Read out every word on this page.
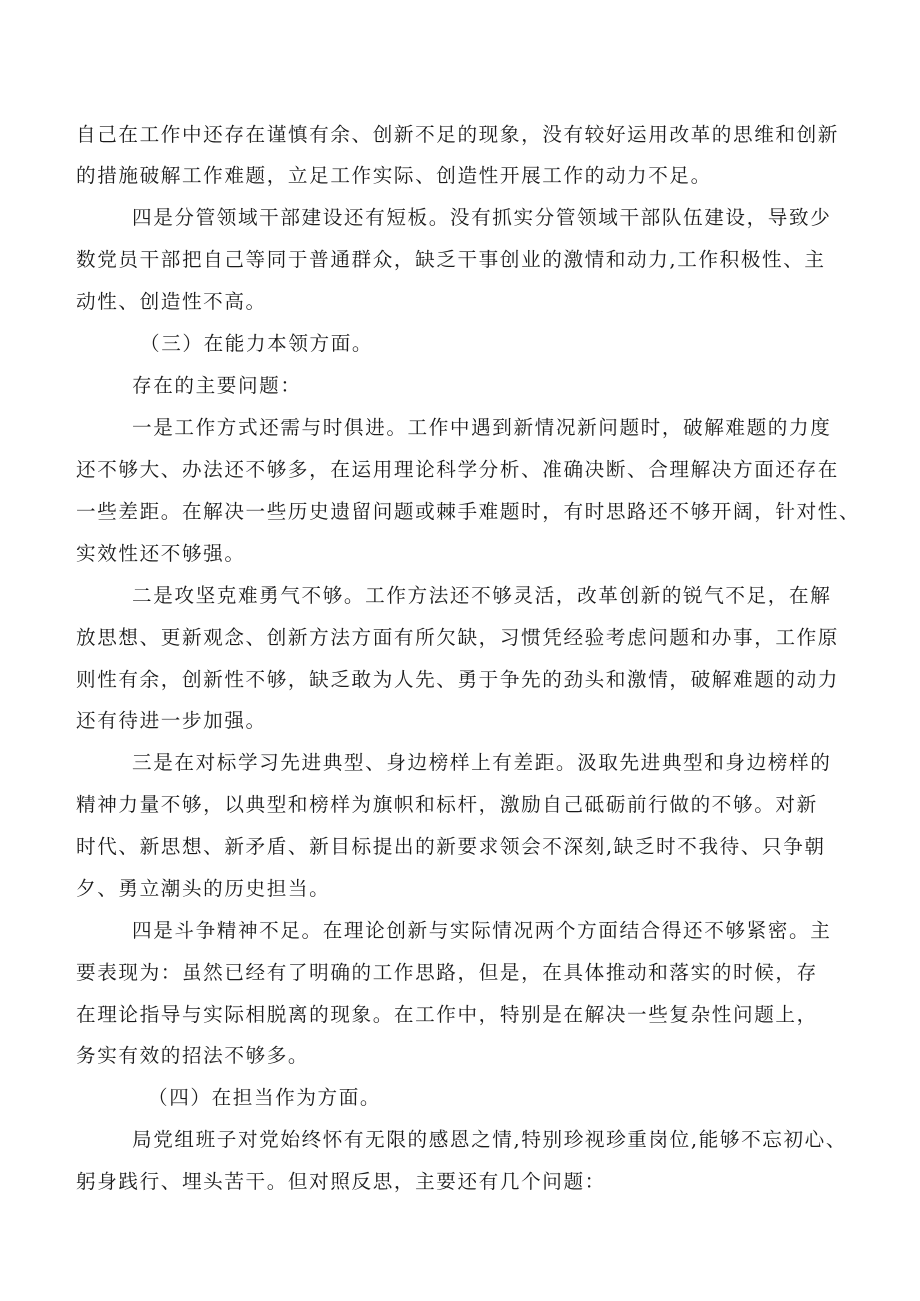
自己在工作中还存在谨慎有余、创新不足的现象，没有较好运用改革的思维和创新
的措施破解工作难题，立足工作实际、创造性开展工作的动力不足。
四是分管领域干部建设还有短板。没有抓实分管领域干部队伍建设，导致少
数党员干部把自己等同于普通群众，缺乏干事创业的激情和动力,工作积极性、主
动性、创造性不高。
（三）在能力本领方面。
存在的主要问题：
一是工作方式还需与时俱进。工作中遇到新情况新问题时，破解难题的力度
还不够大、办法还不够多，在运用理论科学分析、准确决断、合理解决方面还存在
一些差距。在解决一些历史遗留问题或棘手难题时，有时思路还不够开阔，针对性、
实效性还不够强。
二是攻坚克难勇气不够。工作方法还不够灵活，改革创新的锐气不足，在解
放思想、更新观念、创新方法方面有所欠缺，习惯凭经验考虑问题和办事，工作原
则性有余，创新性不够，缺乏敢为人先、勇于争先的劲头和激情，破解难题的动力
还有待进一步加强。
三是在对标学习先进典型、身边榜样上有差距。汲取先进典型和身边榜样的
精神力量不够，以典型和榜样为旗帜和标杆，激励自己砥砺前行做的不够。对新
时代、新思想、新矛盾、新目标提出的新要求领会不深刻,缺乏时不我待、只争朝
夕、勇立潮头的历史担当。
四是斗争精神不足。在理论创新与实际情况两个方面结合得还不够紧密。主
要表现为：虽然已经有了明确的工作思路，但是，在具体推动和落实的时候，存
在理论指导与实际相脱离的现象。在工作中，特别是在解决一些复杂性问题上，
务实有效的招法不够多。
（四）在担当作为方面。
局党组班子对党始终怀有无限的感恩之情,特别珍视珍重岗位,能够不忘初心、
躬身践行、埋头苦干。但对照反思，主要还有几个问题：
